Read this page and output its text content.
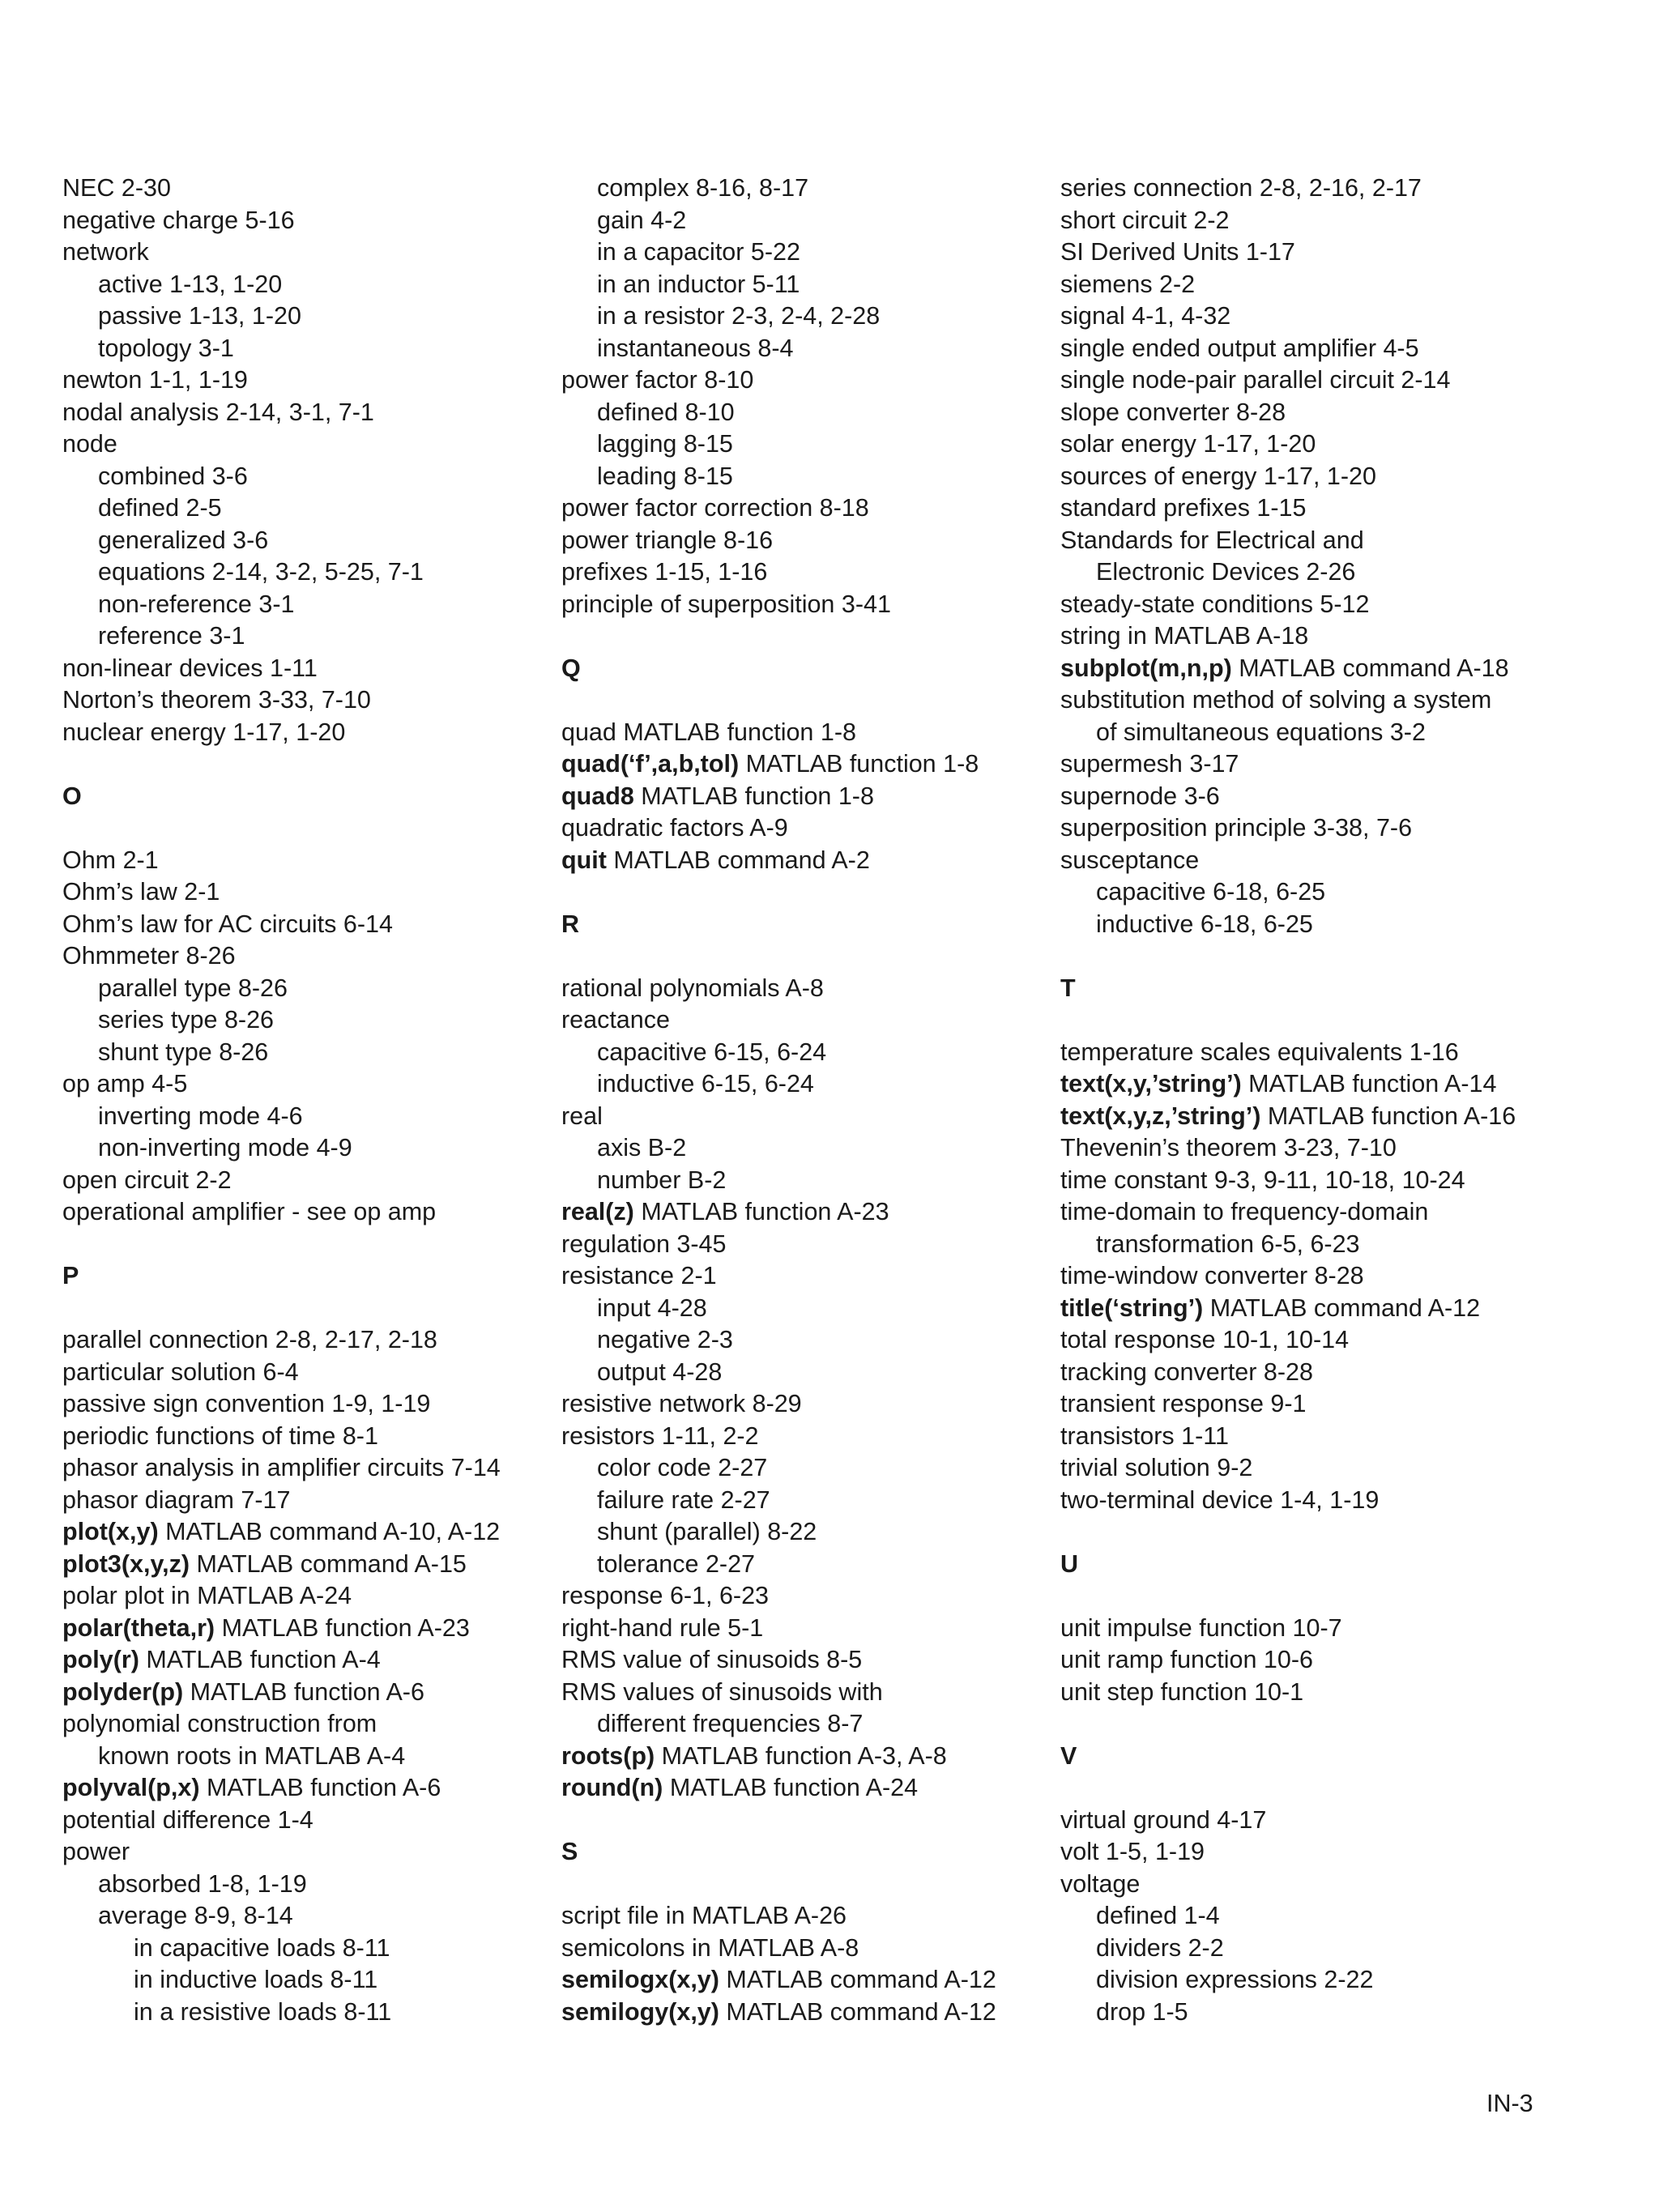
NEC 2-30
negative charge 5-16
network
active 1-13, 1-20
passive 1-13, 1-20
topology 3-1
newton 1-1, 1-19
nodal analysis 2-14, 3-1, 7-1
node
combined 3-6
defined 2-5
generalized 3-6
equations 2-14, 3-2, 5-25, 7-1
non-reference 3-1
reference 3-1
non-linear devices 1-11
Norton’s theorem 3-33, 7-10
nuclear energy 1-17, 1-20
O
Ohm 2-1
Ohm’s law 2-1
Ohm’s law for AC circuits 6-14
Ohmmeter 8-26
parallel type 8-26
series type 8-26
shunt type 8-26
op amp 4-5
inverting mode 4-6
non-inverting mode 4-9
open circuit 2-2
operational amplifier - see op amp
P
parallel connection 2-8, 2-17, 2-18
particular solution 6-4
passive sign convention 1-9, 1-19
periodic functions of time 8-1
phasor analysis in amplifier circuits 7-14
phasor diagram 7-17
plot(x,y) MATLAB command A-10, A-12
plot3(x,y,z) MATLAB command A-15
polar plot in MATLAB A-24
polar(theta,r) MATLAB function A-23
poly(r) MATLAB function A-4
polyder(p) MATLAB function A-6
polynomial construction from
known roots in MATLAB A-4
polyval(p,x) MATLAB function A-6
potential difference 1-4
power
absorbed 1-8, 1-19
average 8-9, 8-14
in capacitive loads 8-11
in inductive loads 8-11
in a resistive loads 8-11
complex 8-16, 8-17
gain 4-2
in a capacitor 5-22
in an inductor 5-11
in a resistor 2-3, 2-4, 2-28
instantaneous 8-4
power factor 8-10
defined 8-10
lagging 8-15
leading 8-15
power factor correction 8-18
power triangle 8-16
prefixes 1-15, 1-16
principle of superposition 3-41
Q
quad MATLAB function 1-8
quad(‘f’,a,b,tol) MATLAB function 1-8
quad8 MATLAB function 1-8
quadratic factors A-9
quit MATLAB command A-2
R
rational polynomials A-8
reactance
capacitive 6-15, 6-24
inductive 6-15, 6-24
real
axis B-2
number B-2
real(z) MATLAB function A-23
regulation 3-45
resistance 2-1
input 4-28
negative 2-3
output 4-28
resistive network 8-29
resistors 1-11, 2-2
color code 2-27
failure rate 2-27
shunt (parallel) 8-22
tolerance 2-27
response 6-1, 6-23
right-hand rule 5-1
RMS value of sinusoids 8-5
RMS values of sinusoids with
different frequencies 8-7
roots(p) MATLAB function A-3, A-8
round(n) MATLAB function A-24
S
script file in MATLAB A-26
semicolons in MATLAB A-8
semilogx(x,y) MATLAB command A-12
semilogy(x,y) MATLAB command A-12
series connection 2-8, 2-16, 2-17
short circuit 2-2
SI Derived Units 1-17
siemens 2-2
signal 4-1, 4-32
single ended output amplifier 4-5
single node-pair parallel circuit 2-14
slope converter 8-28
solar energy 1-17, 1-20
sources of energy 1-17, 1-20
standard prefixes 1-15
Standards for Electrical and
Electronic Devices 2-26
steady-state conditions 5-12
string in MATLAB A-18
subplot(m,n,p) MATLAB command A-18
substitution method of solving a system
of simultaneous equations 3-2
supermesh 3-17
supernode 3-6
superposition principle 3-38, 7-6
susceptance
capacitive 6-18, 6-25
inductive 6-18, 6-25
T
temperature scales equivalents 1-16
text(x,y,’string’) MATLAB function A-14
text(x,y,z,’string’) MATLAB function A-16
Thevenin’s theorem 3-23, 7-10
time constant 9-3, 9-11, 10-18, 10-24
time-domain to frequency-domain
transformation 6-5, 6-23
time-window converter 8-28
title(‘string’) MATLAB command A-12
total response 10-1, 10-14
tracking converter 8-28
transient response 9-1
transistors 1-11
trivial solution 9-2
two-terminal device 1-4, 1-19
U
unit impulse function 10-7
unit ramp function 10-6
unit step function 10-1
V
virtual ground 4-17
volt 1-5, 1-19
voltage
defined 1-4
dividers 2-2
division expressions 2-22
drop 1-5
IN-3
